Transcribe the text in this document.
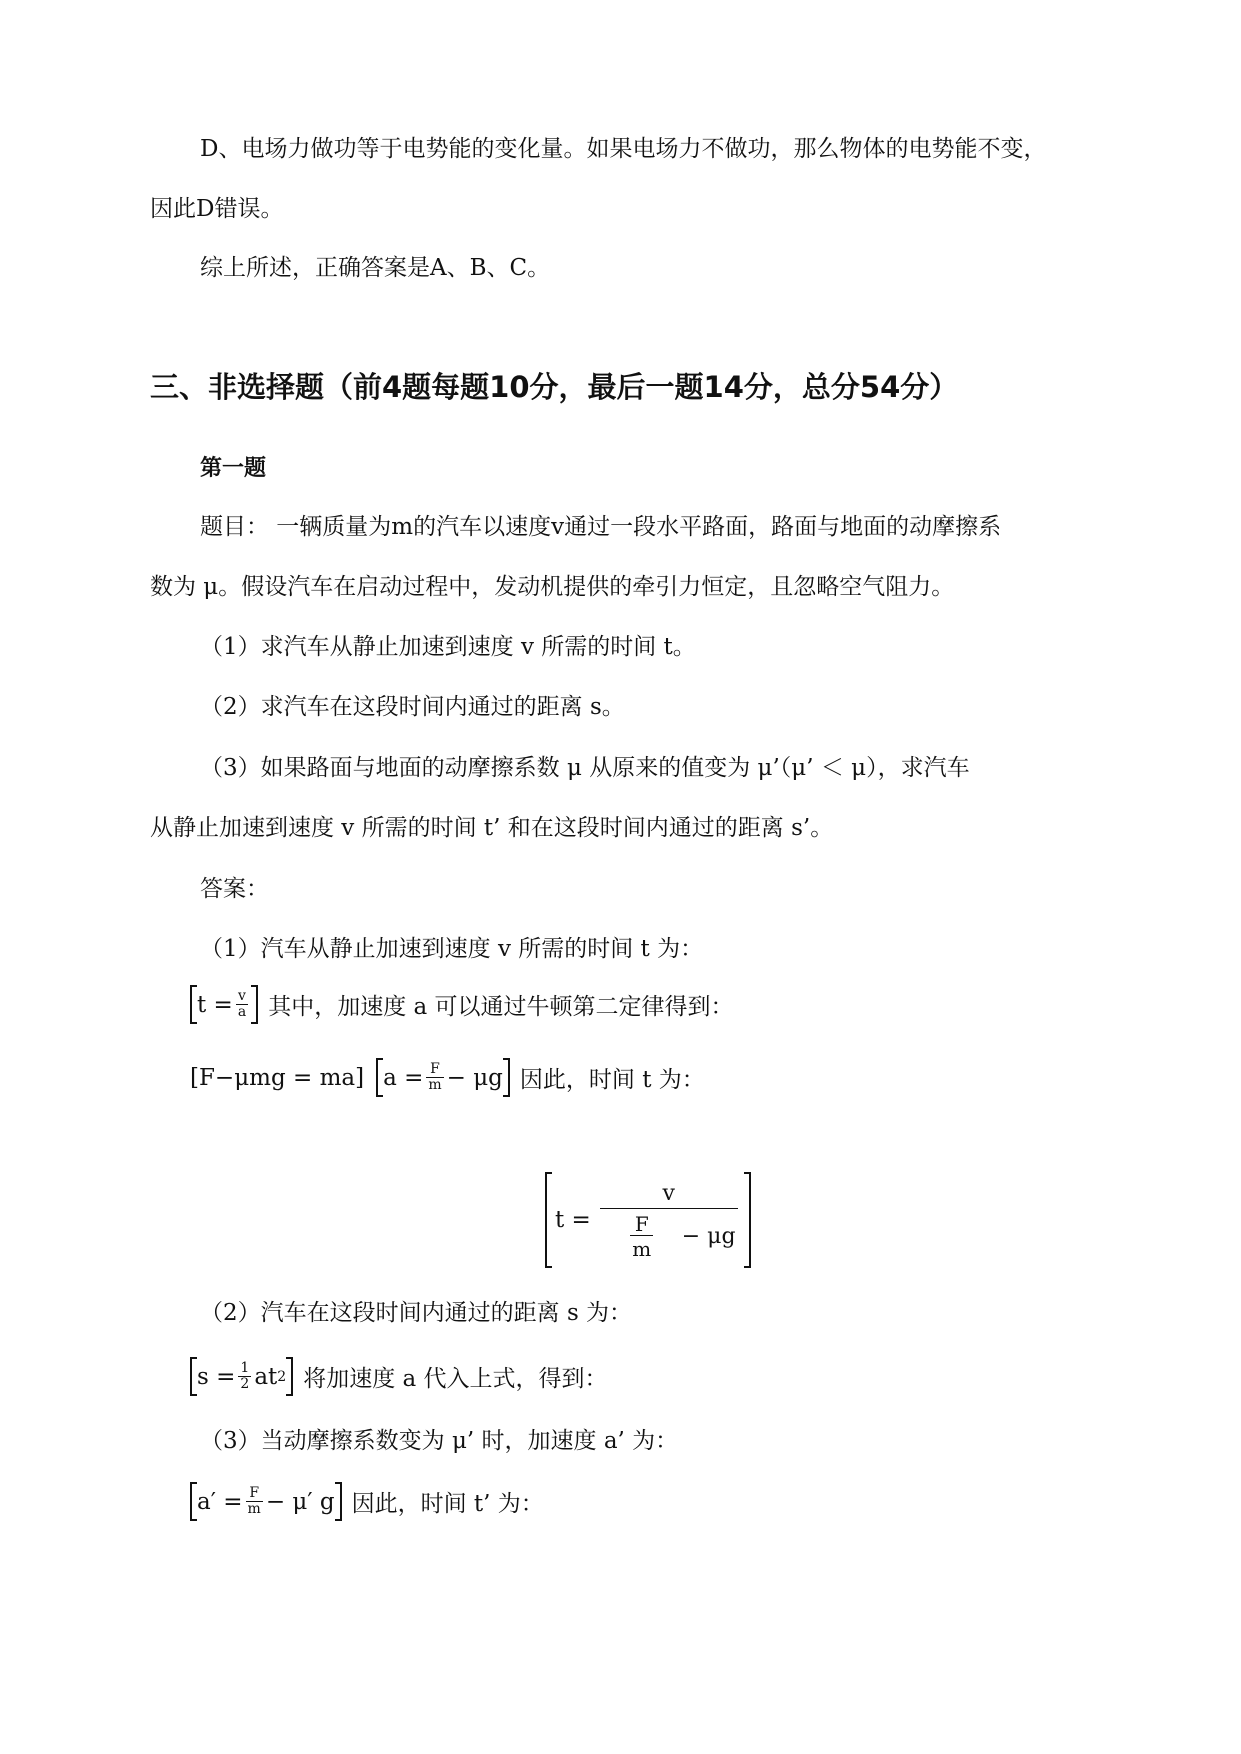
D、电场力做功等于电势能的变化量。如果电场力不做功，那么物体的电势能不变，
因此D错误。
综上所述，正确答案是A、B、C。
三、非选择题（前4题每题10分，最后一题14分，总分54分）
第一题
题目： 一辆质量为m的汽车以速度v通过一段水平路面，路面与地面的动摩擦系
数为 μ。假设汽车在启动过程中，发动机提供的牵引力恒定，且忽略空气阻力。
（1）求汽车从静止加速到速度 v 所需的时间 t。
（2）求汽车在这段时间内通过的距离 s。
（3）如果路面与地面的动摩擦系数 μ 从原来的值变为 μ’（μ’ ＜ μ），求汽车
从静止加速到速度 v 所需的时间 t’ 和在这段时间内通过的距离 s’。
答案：
（1）汽车从静止加速到速度 v 所需的时间 t 为：
$t = \frac{v}{a}$ 其中，加速度 a 可以通过牛顿第二定律得到：
[F−μmg = ma] $a = \frac{F}{m} - \mu g$ 因此，时间 t 为：
$t = \frac{v}{\frac{F}{m} - \mu g}$
（2）汽车在这段时间内通过的距离 s 为：
$s = \frac{1}{2}$ at 2 将加速度 a 代入上式，得到：
（3）当动摩擦系数变为 μ’ 时，加速度 a’ 为：
$a' = \frac{F}{m} - \mu'$ g 因此，时间 t’ 为：
